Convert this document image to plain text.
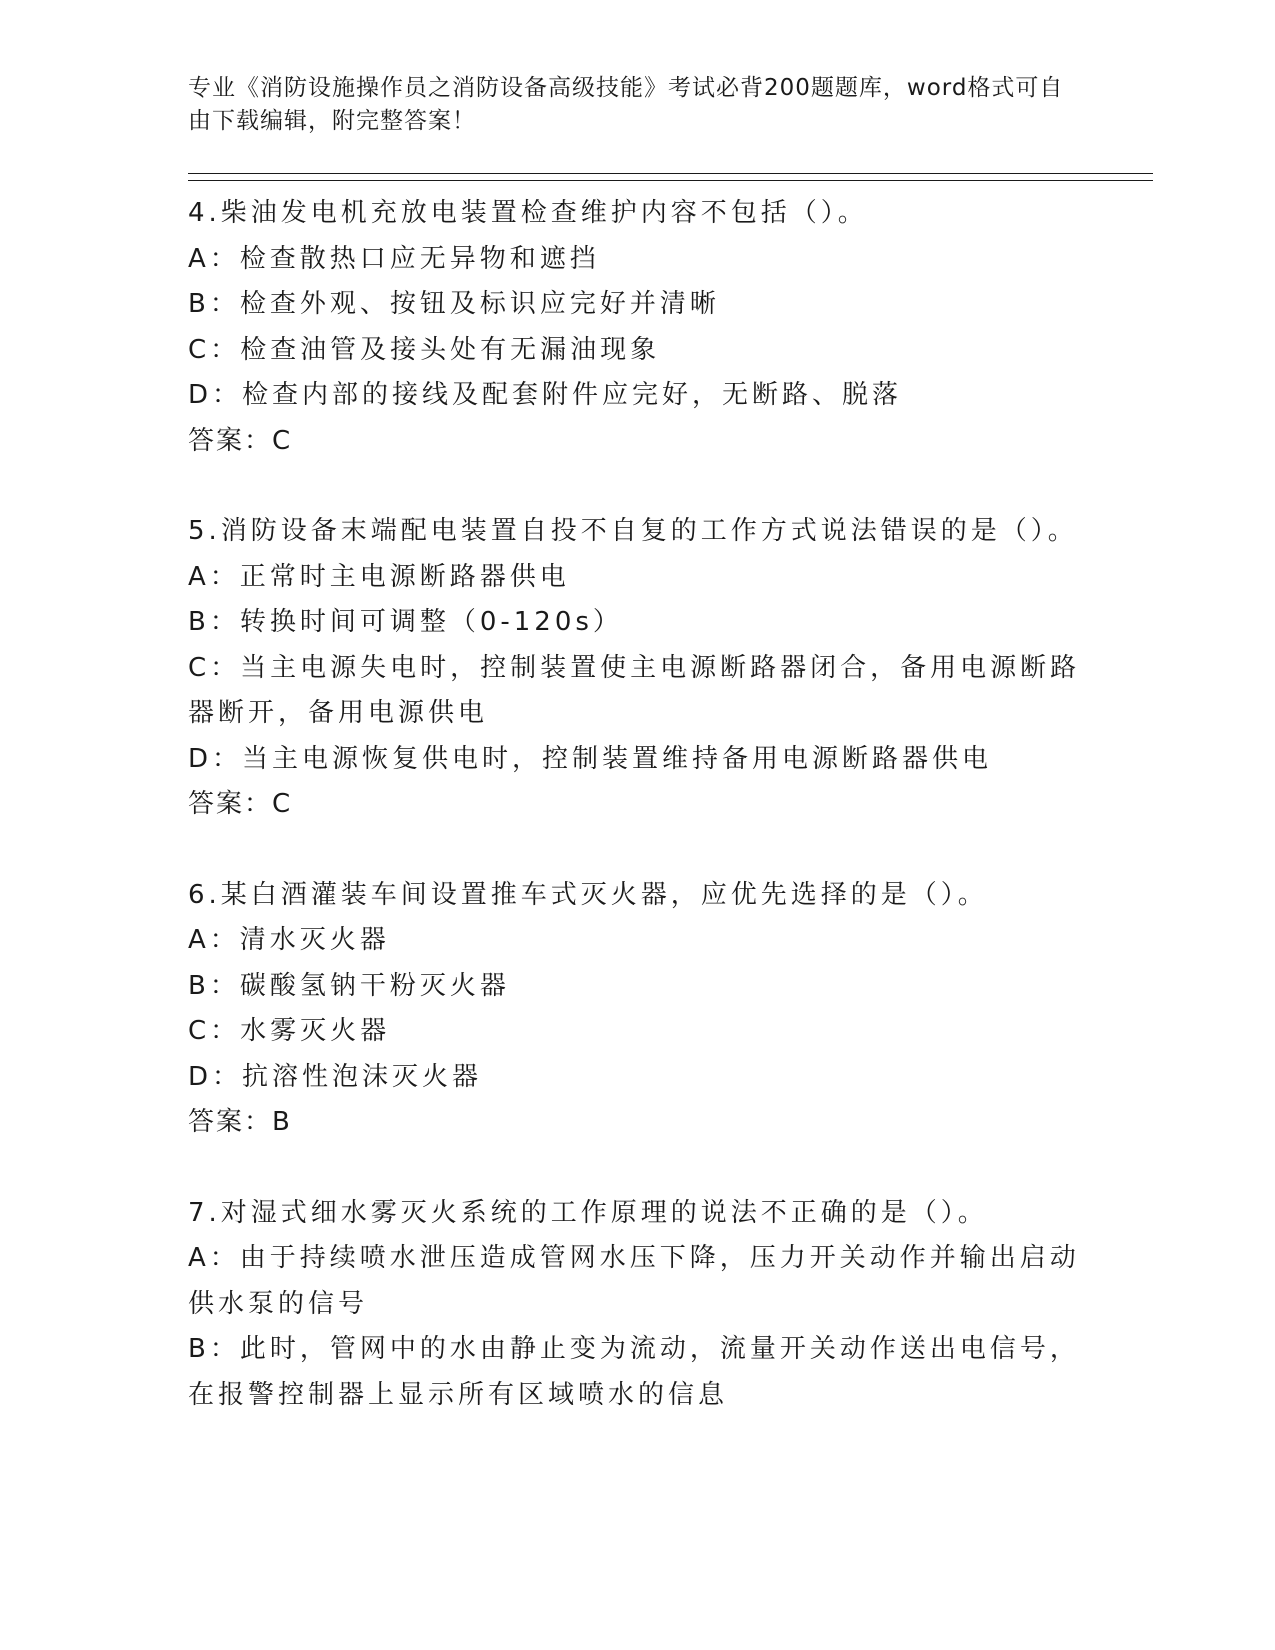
专业《消防设施操作员之消防设备高级技能》考试必背200题题库，word格式可自由下载编辑，附完整答案！
4.柴油发电机充放电装置检查维护内容不包括（）。
A：检查散热口应无异物和遮挡
B：检查外观、按钮及标识应完好并清晰
C：检查油管及接头处有无漏油现象
D：检查内部的接线及配套附件应完好，无断路、脱落
答案：C
5.消防设备末端配电装置自投不自复的工作方式说法错误的是（）。
A：正常时主电源断路器供电
B：转换时间可调整（0-120s）
C：当主电源失电时，控制装置使主电源断路器闭合，备用电源断路器断开，备用电源供电
D：当主电源恢复供电时，控制装置维持备用电源断路器供电
答案：C
6.某白酒灌装车间设置推车式灭火器，应优先选择的是（）。
A：清水灭火器
B：碳酸氢钠干粉灭火器
C：水雾灭火器
D：抗溶性泡沫灭火器
答案：B
7.对湿式细水雾灭火系统的工作原理的说法不正确的是（）。
A：由于持续喷水泄压造成管网水压下降，压力开关动作并输出启动供水泵的信号
B：此时，管网中的水由静止变为流动，流量开关动作送出电信号，在报警控制器上显示所有区域喷水的信息
